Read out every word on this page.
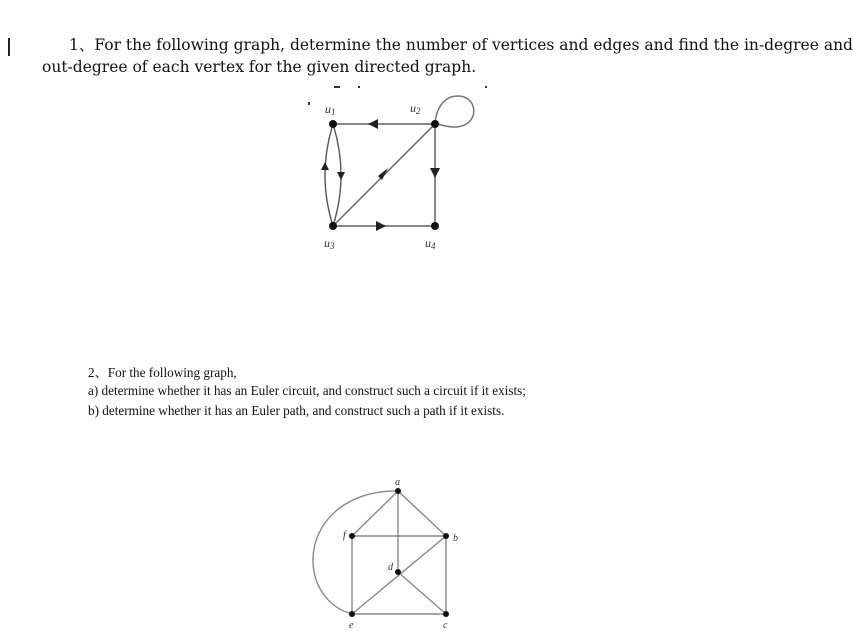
1、For the following graph, determine the number of vertices and edges and find the in-degree and
out-degree of each vertex for the given directed graph.
u1	u2
u3	u4
2、For the following graph,
a) determine whether it has an Euler circuit, and construct such a circuit if it exists;
b) determine whether it has an Euler path, and construct such a path if it exists.
a
b
c
d
e
f
